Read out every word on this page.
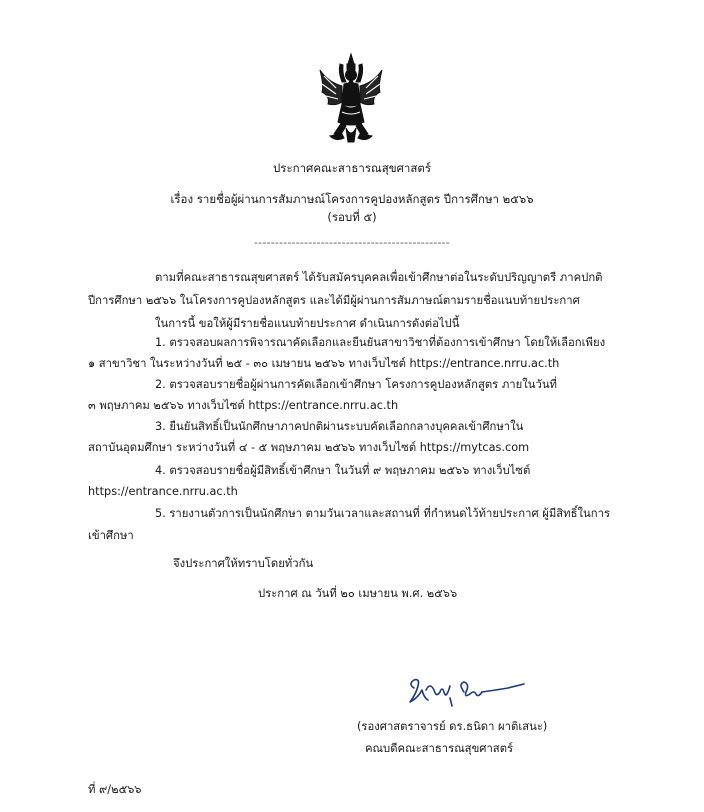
ประกาศคณะสาธารณสุขศาสตร์
เรื่อง รายชื่อผู้ผ่านการสัมภาษณ์โครงการคูปองหลักสูตร ปีการศึกษา ๒๕๖๖
(รอบที่ ๕)
-----------------------------------------------
ตามที่คณะสาธารณสุขศาสตร์ ได้รับสมัครบุคคลเพื่อเข้าศึกษาต่อในระดับปริญญาตรี ภาคปกติ
ปีการศึกษา ๒๕๖๖ ในโครงการคูปองหลักสูตร และได้มีผู้ผ่านการสัมภาษณ์ตามรายชื่อแนบท้ายประกาศ
ในการนี้ ขอให้ผู้มีรายชื่อแนบท้ายประกาศ ดำเนินการดังต่อไปนี้
1. ตรวจสอบผลการพิจารณาคัดเลือกและยืนยันสาขาวิชาที่ต้องการเข้าศึกษา โดยให้เลือกเพียง
๑ สาขาวิชา ในระหว่างวันที่ ๒๕ - ๓๐ เมษายน ๒๕๖๖ ทางเว็บไซต์ https://entrance.nrru.ac.th
2. ตรวจสอบรายชื่อผู้ผ่านการคัดเลือกเข้าศึกษา โครงการคูปองหลักสูตร ภายในวันที่
๓ พฤษภาคม ๒๕๖๖ ทางเว็บไซต์ https://entrance.nrru.ac.th
3. ยืนยันสิทธิ์เป็นนักศึกษาภาคปกติผ่านระบบคัดเลือกกลางบุคคลเข้าศึกษาใน
สถาบันอุดมศึกษา ระหว่างวันที่ ๔ - ๕ พฤษภาคม ๒๕๖๖ ทางเว็บไซต์ https://mytcas.com
4. ตรวจสอบรายชื่อผู้มีสิทธิ์เข้าศึกษา ในวันที่ ๙ พฤษภาคม ๒๕๖๖ ทางเว็บไซต์
https://entrance.nrru.ac.th
5. รายงานตัวการเป็นนักศึกษา ตามวันเวลาและสถานที่ ที่กำหนดไว้ท้ายประกาศ ผู้มีสิทธิ์ในการ
เข้าศึกษา
จึงประกาศให้ทราบโดยทั่วกัน
ประกาศ ณ วันที่ ๒๐ เมษายน พ.ศ. ๒๕๖๖
(รองศาสตราจารย์ ดร.ธนิดา ผาติเสนะ)
คณบดีคณะสาธารณสุขศาสตร์
ที่ ๙/๒๕๖๖
